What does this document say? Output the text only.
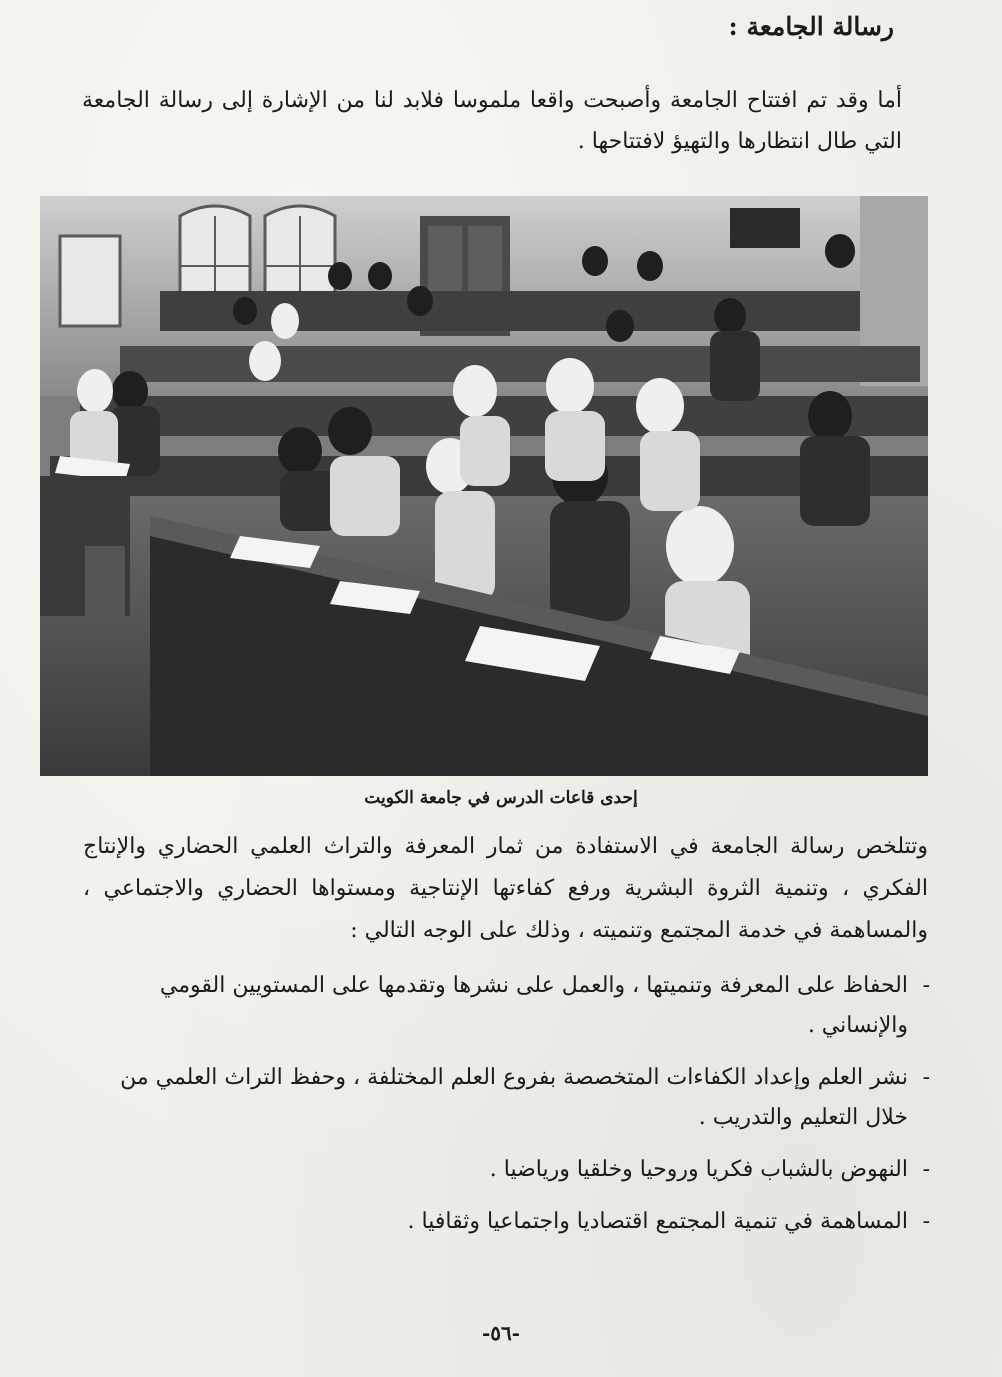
رسالة الجامعة :

أما وقد تم افتتاح الجامعة وأصبحت واقعا ملموسا فلابد لنا من الإشارة إلى رسالة الجامعة التي طال انتظارها والتهيؤ لافتتاحها .

إحدى قاعات الدرس في جامعة الكويت

وتتلخص رسالة الجامعة في الاستفادة من ثمار المعرفة والتراث العلمي الحضاري والإنتاج الفكري ، وتنمية الثروة البشرية ورفع كفاءتها الإنتاجية ومستواها الحضاري والاجتماعي ، والمساهمة في خدمة المجتمع وتنميته ، وذلك على الوجه التالي :

-
الحفاظ على المعرفة وتنميتها ، والعمل على نشرها وتقدمها على المستويين القومي والإنساني .
-
نشر العلم وإعداد الكفاءات المتخصصة بفروع العلم المختلفة ، وحفظ التراث العلمي من خلال التعليم والتدريب .
-
النهوض بالشباب فكريا وروحيا وخلقيا ورياضيا .
-
المساهمة في تنمية المجتمع اقتصاديا واجتماعيا وثقافيا .
-٥٦-
